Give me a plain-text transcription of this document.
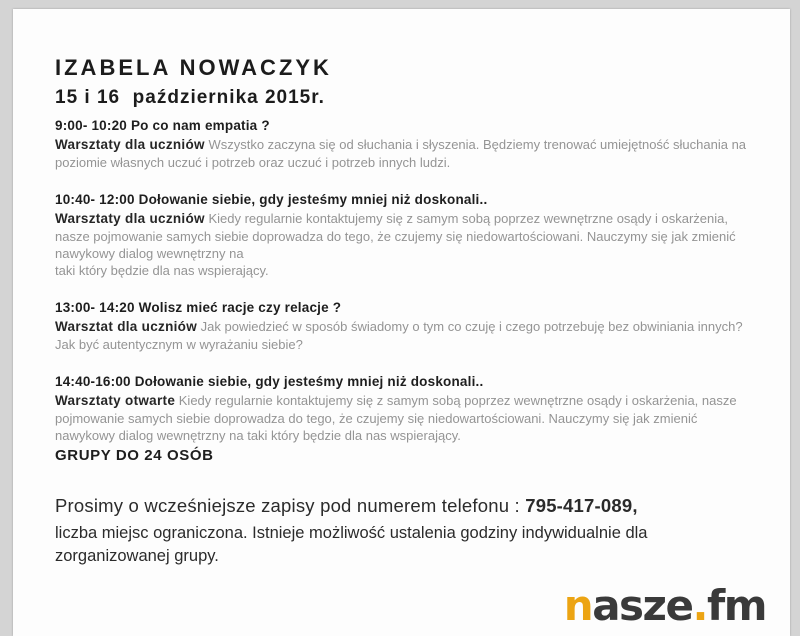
IZABELA NOWACZYK
15 i 16  października 2015r.
9:00- 10:20 Po co nam empatia ?
Warsztaty dla uczniów Wszystko zaczyna się od słuchania i słyszenia. Będziemy trenować umiejętność słuchania na poziomie własnych uczuć i potrzeb oraz uczuć i potrzeb innych ludzi.
10:40- 12:00 Dołowanie siebie, gdy jesteśmy mniej niż doskonali..
Warsztaty dla uczniów Kiedy regularnie kontaktujemy się z samym sobą poprzez wewnętrzne osądy i oskarżenia, nasze pojmowanie samych siebie doprowadza do tego, że czujemy się niedowartościowani. Nauczymy się jak zmienić nawykowy dialog wewnętrzny na
taki który będzie dla nas wspierający.
13:00- 14:20 Wolisz mieć racje czy relacje ?
Warsztat dla uczniów Jak powiedzieć w sposób świadomy o tym co czuję i czego potrzebuję bez obwiniania innych? Jak być autentycznym w wyrażaniu siebie?
14:40-16:00 Dołowanie siebie, gdy jesteśmy mniej niż doskonali..
Warsztaty otwarte Kiedy regularnie kontaktujemy się z samym sobą poprzez wewnętrzne osądy i oskarżenia, nasze pojmowanie samych siebie doprowadza do tego, że czujemy się niedowartościowani. Nauczymy się jak zmienić nawykowy dialog wewnętrzny na taki który będzie dla nas wspierający.
GRUPY DO 24 OSÓB
Prosimy o wcześniejsze zapisy pod numerem telefonu : 795-417-089,
liczba miejsc ograniczona. Istnieje możliwość ustalenia godziny indywidualnie dla zorganizowanej grupy.
nasze.fm
